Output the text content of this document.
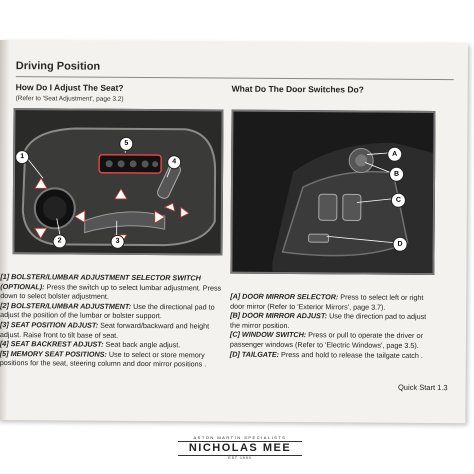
Driving Position
How Do I Adjust The Seat?
(Refer to 'Seat Adjustment', page 3.2)
1
2	3
4
5

[1] BOLSTER/LUMBAR ADJUSTMENT SELECTOR SWITCH (OPTIONAL): Press the switch up to select lumbar adjustment. Press down to select bolster adjustment.

[2] BOLSTER/LUMBAR ADJUSTMENT: Use the directional pad to adjust the position of the lumbar or bolster support.

[3] SEAT POSITION ADJUST: Seat forward/backward and height adjust. Raise front to tilt base of seat.

[4] SEAT BACKREST ADJUST: Seat back angle adjust.

[5] MEMORY SEAT POSITIONS: Use to select or store memory positions for the seat, steering column and door mirror positions .

What Do The Door Switches Do?
A
B
C
D

[A] DOOR MIRROR SELECTOR: Press to select left or right door mirror (Refer to 'Exterior Mirrors', page 3.7).

[B] DOOR MIRROR ADJUST: Use the direction pad to adjust the mirror position.

[C] WINDOW SWITCH: Press or pull to operate the driver or passenger windows (Refer to 'Electric Windows', page 3.5).

[D] TAILGATE: Press and hold to release the tailgate catch .

Quick Start 1.3
ASTON MARTIN SPECIALISTS
NICHOLAS MEE
EST 1990
